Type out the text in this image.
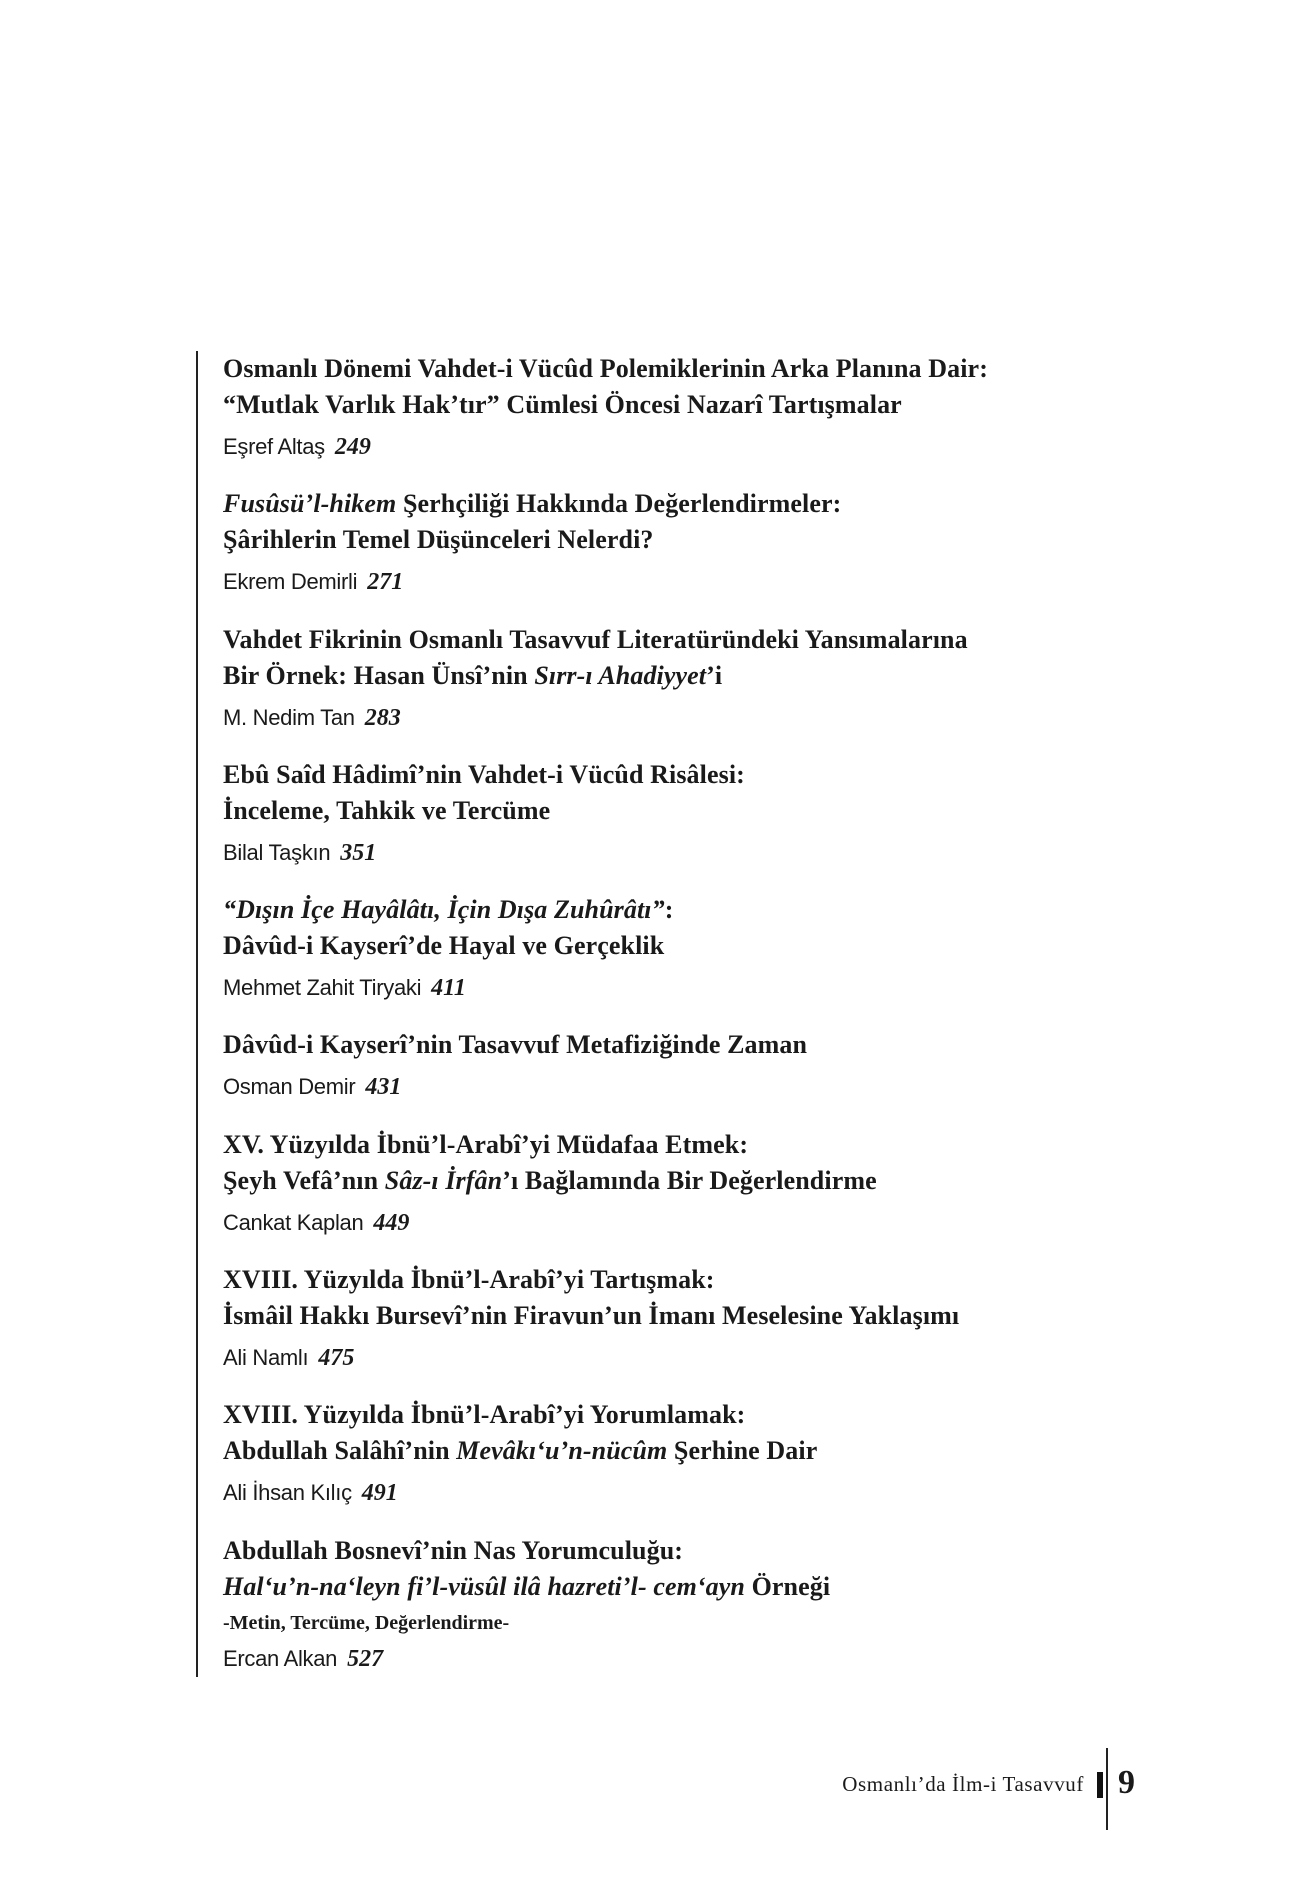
Osmanlı Dönemi Vahdet-i Vücûd Polemiklerinin Arka Planına Dair:
“Mutlak Varlık Hak’tır” Cümlesi Öncesi Nazarî Tartışmalar
Eşref Altaş 249
Fusûsü’l-hikem Şerhçiliği Hakkında Değerlendirmeler:
Şârihlerin Temel Düşünceleri Nelerdi?
Ekrem Demirli 271
Vahdet Fikrinin Osmanlı Tasavvuf Literatüründeki Yansımalarına
Bir Örnek: Hasan Ünsî’nin Sırr-ı Ahadiyyet’i
M. Nedim Tan 283
Ebû Saîd Hâdimî’nin Vahdet-i Vücûd Risâlesi:
İnceleme, Tahkik ve Tercüme
Bilal Taşkın 351
“Dışın İçe Hayâlâtı, İçin Dışa Zuhûrâtı”:
Dâvûd-i Kayserî’de Hayal ve Gerçeklik
Mehmet Zahit Tiryaki 411
Dâvûd-i Kayserî’nin Tasavvuf Metafiziğinde Zaman
Osman Demir 431
XV. Yüzyılda İbnü’l-Arabî’yi Müdafaa Etmek:
Şeyh Vefâ’nın Sâz-ı İrfân’ı Bağlamında Bir Değerlendirme
Cankat Kaplan 449
XVIII. Yüzyılda İbnü’l-Arabî’yi Tartışmak:
İsmâil Hakkı Bursevî’nin Firavun’un İmanı Meselesine Yaklaşımı
Ali Namlı 475
XVIII. Yüzyılda İbnü’l-Arabî’yi Yorumlamak:
Abdullah Salâhî’nin Mevâkı‘u’n-nücûm Şerhine Dair
Ali İhsan Kılıç 491
Abdullah Bosnevî’nin Nas Yorumculuğu:
Hal‘u’n-na‘leyn fi’l-vüsûl ilâ hazreti’l- cem‘ayn Örneği
-Metin, Tercüme, Değerlendirme-
Ercan Alkan 527
Osmanlı’da İlm-i Tasavvuf 9
